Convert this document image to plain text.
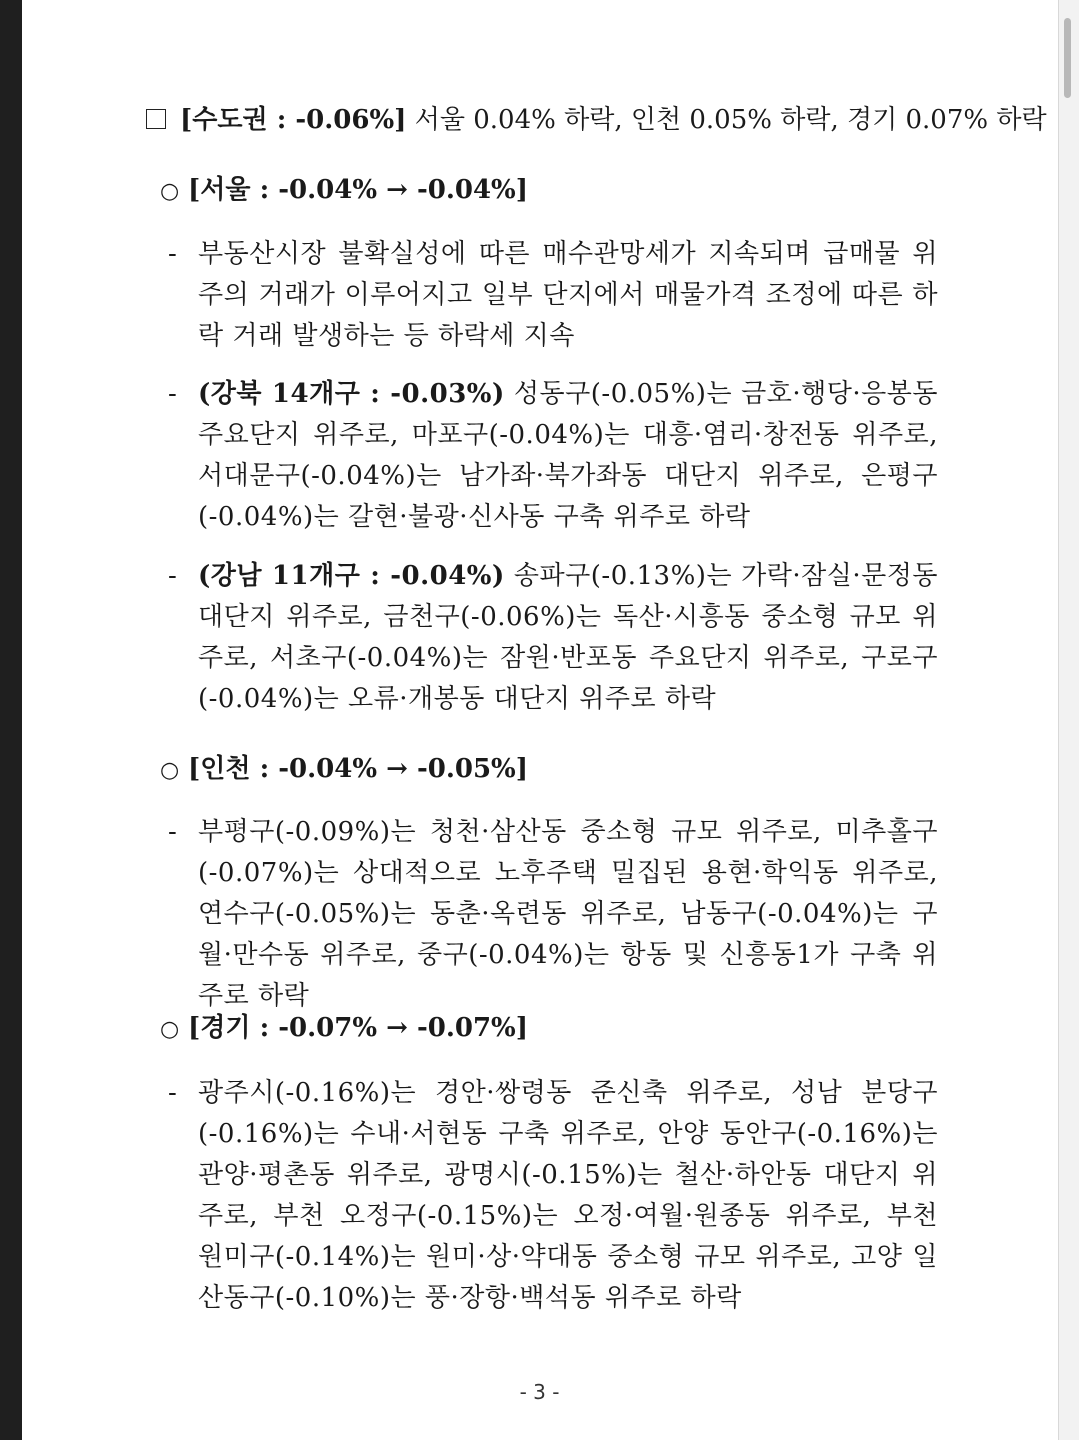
[수도권 : -0.06%] 서울 0.04% 하락, 인천 0.05% 하락, 경기 0.07% 하락
○ [서울 : -0.04% → -0.04%]
- 부동산시장 불확실성에 따른 매수관망세가 지속되며 급매물 위주의 거래가 이루어지고 일부 단지에서 매물가격 조정에 따른 하락 거래 발생하는 등 하락세 지속
- (강북 14개구 : -0.03%) 성동구(-0.05%)는 금호·행당·응봉동 주요단지 위주로, 마포구(-0.04%)는 대흥·염리·창전동 위주로, 서대문구(-0.04%)는 남가좌·북가좌동 대단지 위주로, 은평구(-0.04%)는 갈현·불광·신사동 구축 위주로 하락
- (강남 11개구 : -0.04%) 송파구(-0.13%)는 가락·잠실·문정동 대단지 위주로, 금천구(-0.06%)는 독산·시흥동 중소형 규모 위주로, 서초구(-0.04%)는 잠원·반포동 주요단지 위주로, 구로구(-0.04%)는 오류·개봉동 대단지 위주로 하락
○ [인천 : -0.04% → -0.05%]
- 부평구(-0.09%)는 청천·삼산동 중소형 규모 위주로, 미추홀구(-0.07%)는 상대적으로 노후주택 밀집된 용현·학익동 위주로, 연수구(-0.05%)는 동춘·옥련동 위주로, 남동구(-0.04%)는 구월·만수동 위주로, 중구(-0.04%)는 항동 및 신흥동1가 구축 위주로 하락
○ [경기 : -0.07% → -0.07%]
- 광주시(-0.16%)는 경안·쌍령동 준신축 위주로, 성남 분당구(-0.16%)는 수내·서현동 구축 위주로, 안양 동안구(-0.16%)는 관양·평촌동 위주로, 광명시(-0.15%)는 철산·하안동 대단지 위주로, 부천 오정구(-0.15%)는 오정·여월·원종동 위주로, 부천 원미구(-0.14%)는 원미·상·약대동 중소형 규모 위주로, 고양 일산동구(-0.10%)는 풍·장항·백석동 위주로 하락
- 3 -
